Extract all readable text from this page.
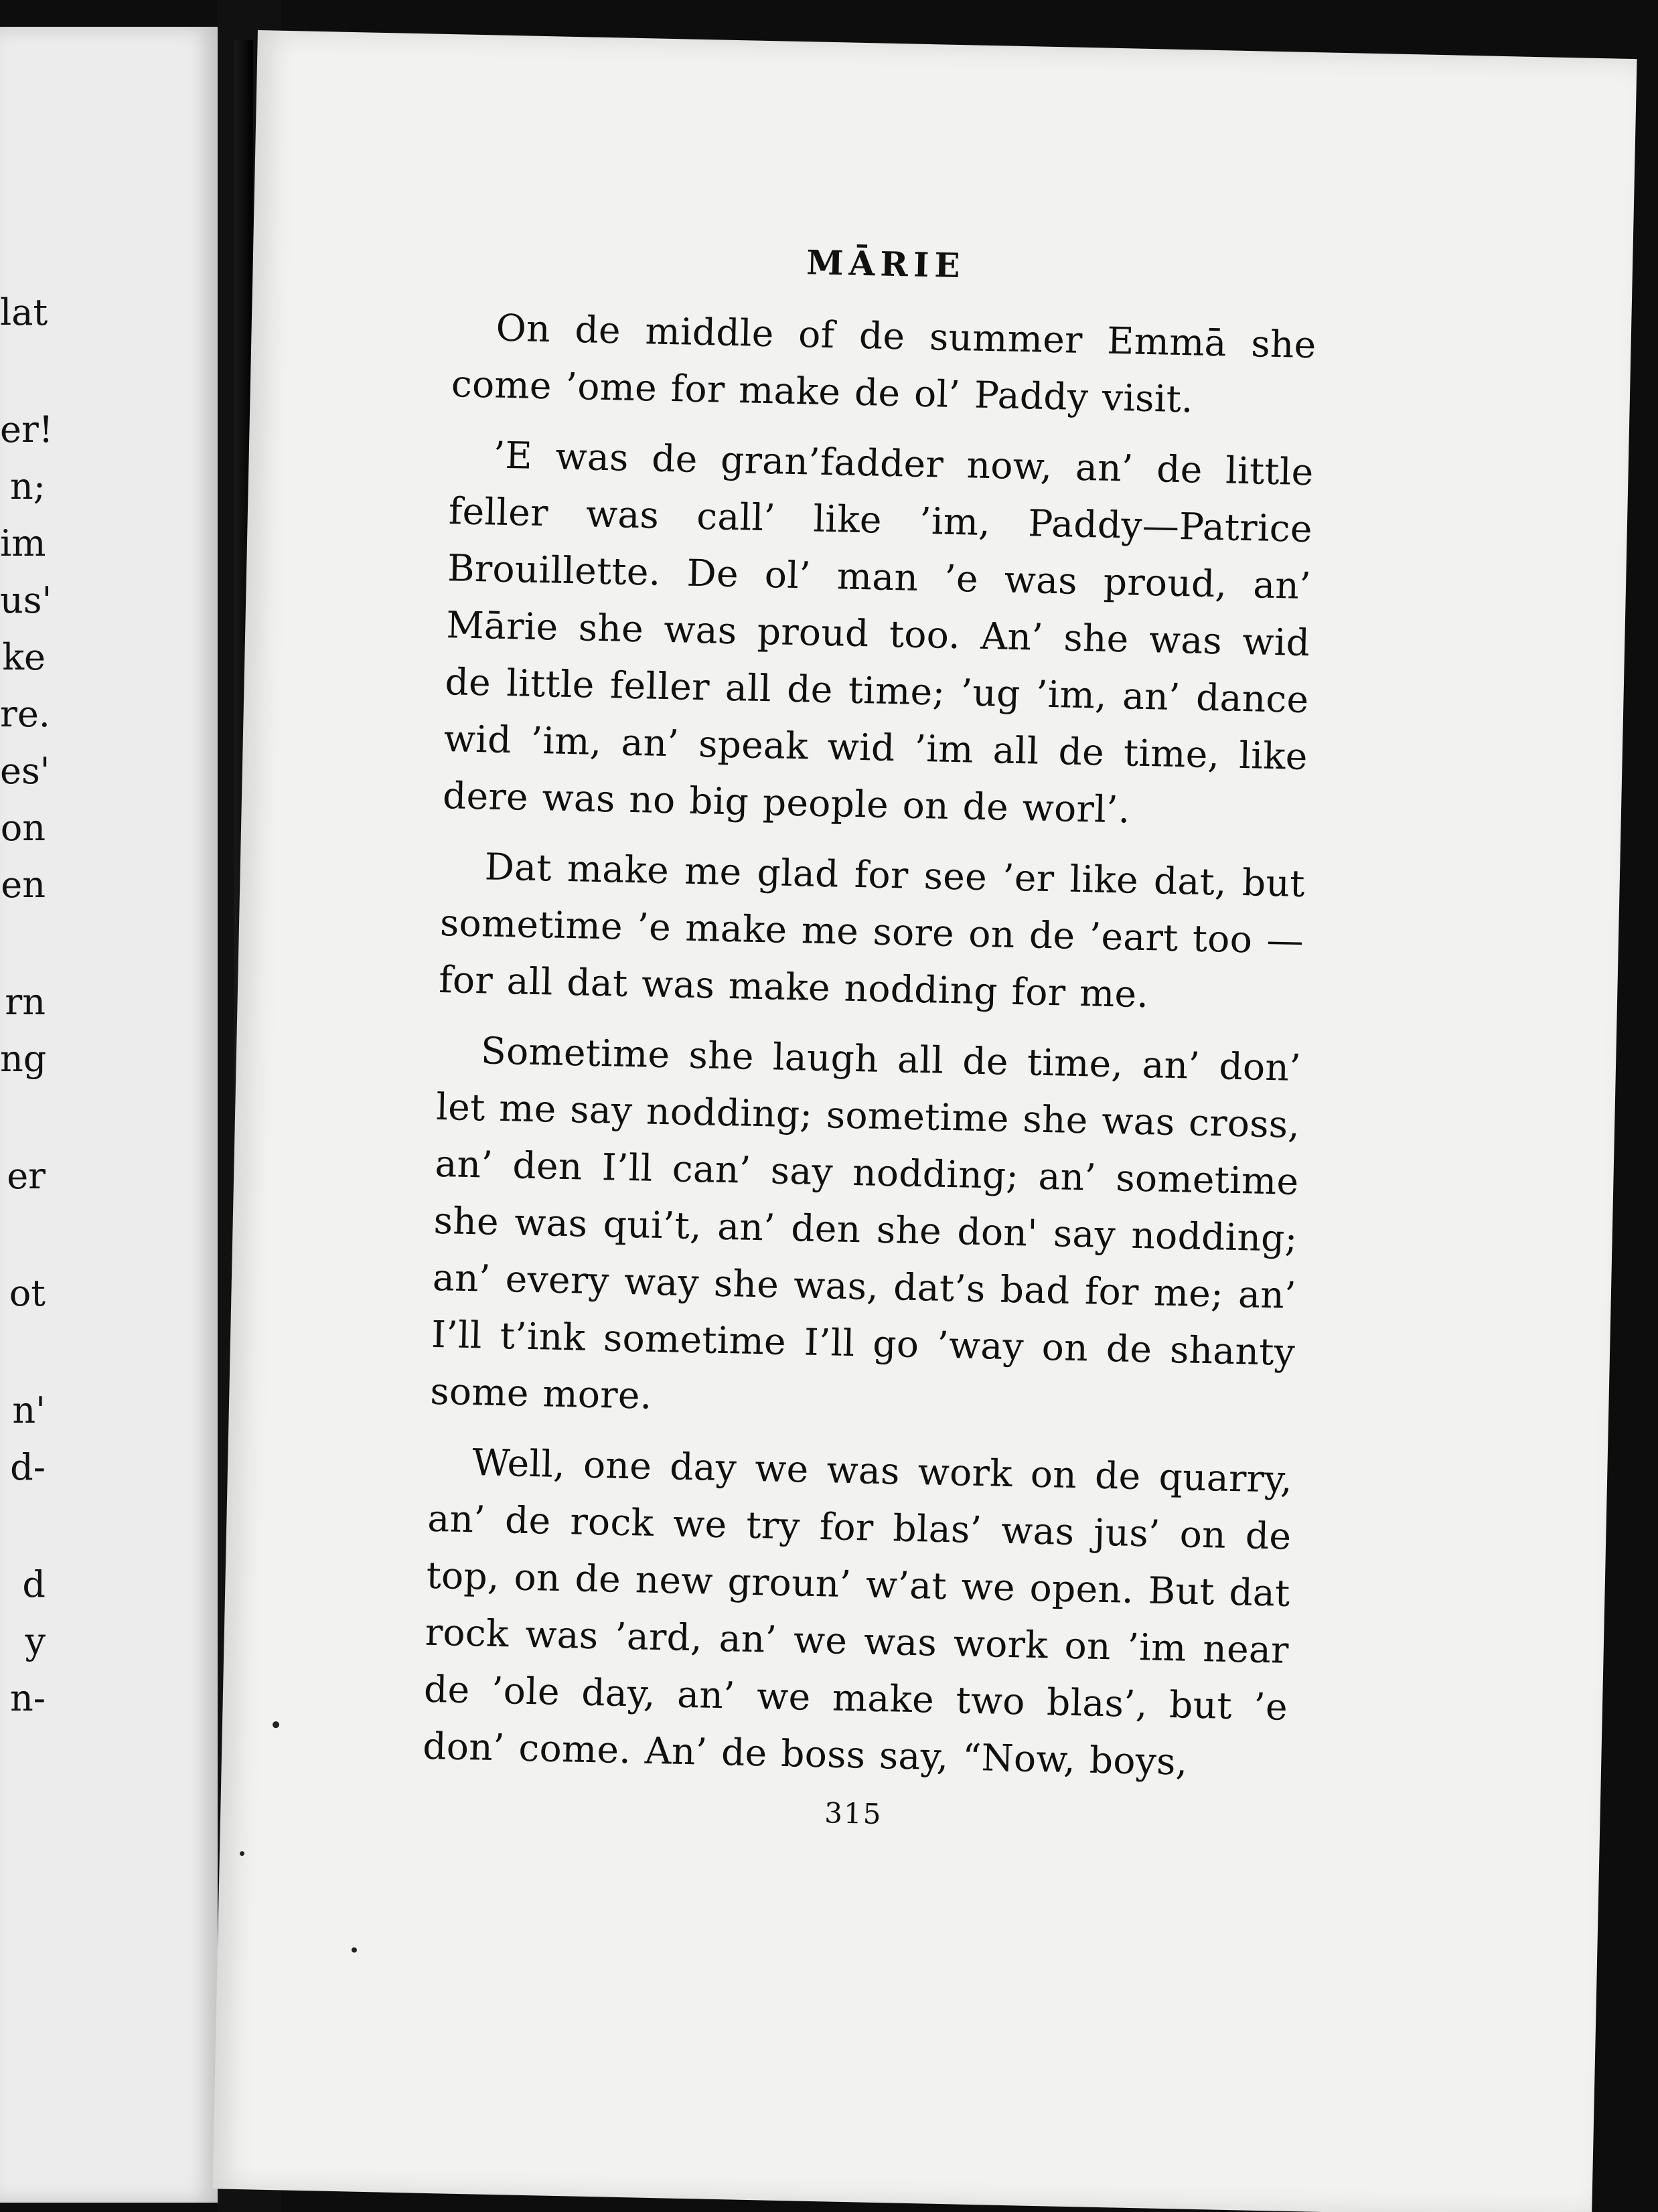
lat
er!
n;
im
us'
ke
re.
es'
on
en
rn
ng
er
ot
n'
d-
d
y
n-
MĀRIE

On de middle of de summer Emmā she come ’ome for make de ol’ Paddy visit.

’E was de gran’fadder now, an’ de little feller was call’ like ’im, Paddy—Patrice Brouillette. De ol’ man ’e was proud, an’ Mārie she was proud too. An’ she was wid de little feller all de time; ’ug ’im, an’ dance wid ’im, an’ speak wid ’im all de time, like dere was no big people on de worl’.

Dat make me glad for see ’er like dat, but sometime ’e make me sore on de ’eart too — for all dat was make nodding for me.

Sometime she laugh all de time, an’ don’ let me say nodding; sometime she was cross, an’ den I’ll can’ say nodding; an’ sometime she was qui’t, an’ den she don' say nodding; an’ every way she was, dat’s bad for me; an’ I’ll t’ink sometime I’ll go ’way on de shanty some more.

Well, one day we was work on de quarry, an’ de rock we try for blas’ was jus’ on de top, on de new groun’ w’at we open. But dat rock was ’ard, an’ we was work on ’im near de ’ole day, an’ we make two blas’, but ’e don’ come. An’ de boss say, “Now, boys,

315
